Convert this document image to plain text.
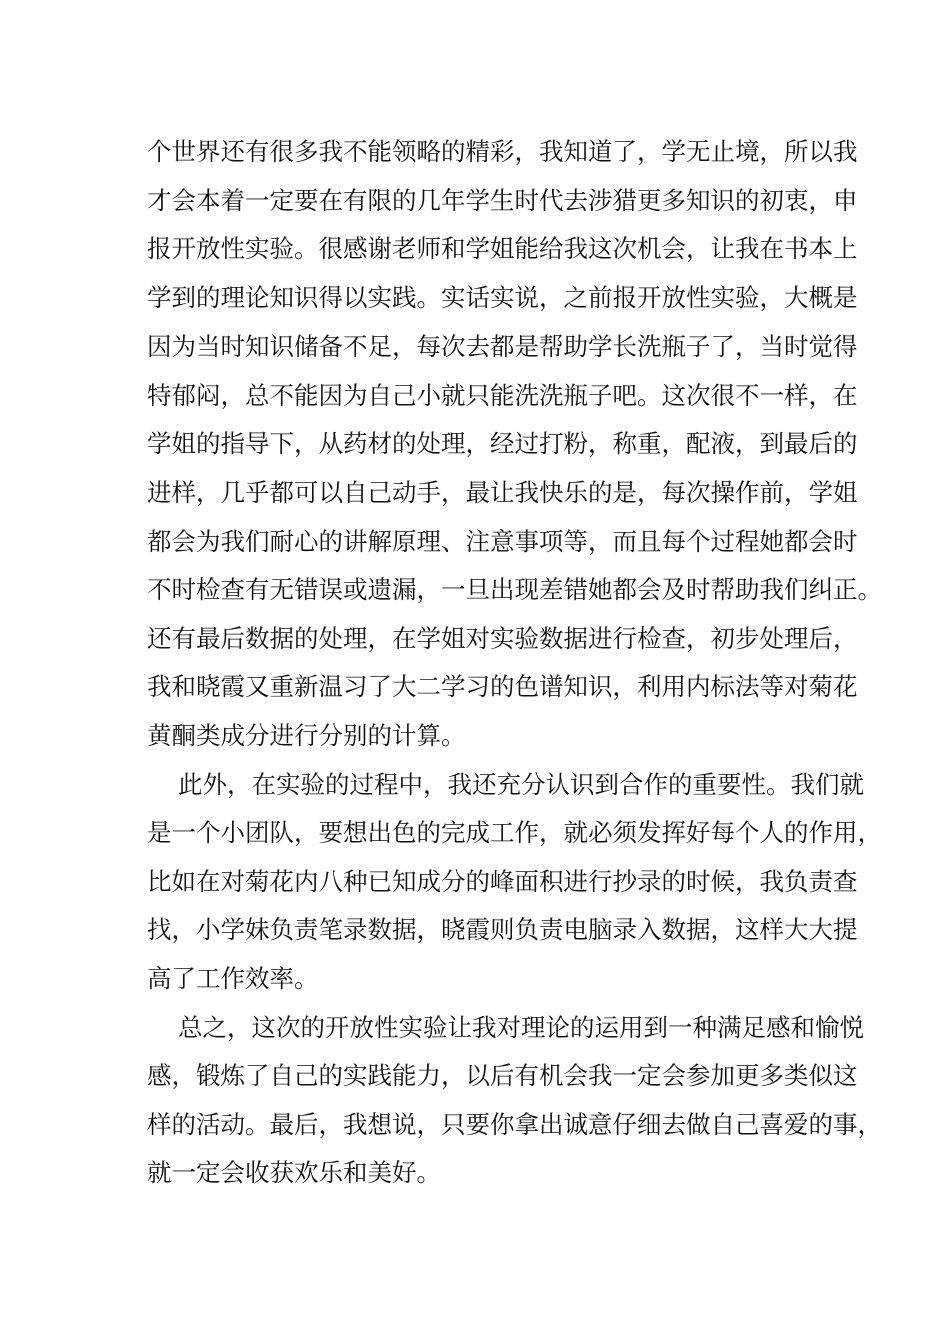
个世界还有很多我不能领略的精彩，我知道了，学无止境，所以我

才会本着一定要在有限的几年学生时代去涉猎更多知识的初衷，申

报开放性实验。很感谢老师和学姐能给我这次机会，让我在书本上

学到的理论知识得以实践。实话实说，之前报开放性实验，大概是

因为当时知识储备不足，每次去都是帮助学长洗瓶子了，当时觉得

特郁闷，总不能因为自己小就只能洗洗瓶子吧。这次很不一样，在

学姐的指导下，从药材的处理，经过打粉，称重，配液，到最后的

进样，几乎都可以自己动手，最让我快乐的是，每次操作前，学姐

都会为我们耐心的讲解原理、注意事项等，而且每个过程她都会时

不时检查有无错误或遗漏，一旦出现差错她都会及时帮助我们纠正。

还有最后数据的处理，在学姐对实验数据进行检查，初步处理后，

我和晓霞又重新温习了大二学习的色谱知识，利用内标法等对菊花

黄酮类成分进行分别的计算。

此外，在实验的过程中，我还充分认识到合作的重要性。我们就

是一个小团队，要想出色的完成工作，就必须发挥好每个人的作用，

比如在对菊花内八种已知成分的峰面积进行抄录的时候，我负责查

找，小学妹负责笔录数据，晓霞则负责电脑录入数据，这样大大提

高了工作效率。

总之，这次的开放性实验让我对理论的运用到一种满足感和愉悦

感，锻炼了自己的实践能力，以后有机会我一定会参加更多类似这

样的活动。最后，我想说，只要你拿出诚意仔细去做自己喜爱的事，

就一定会收获欢乐和美好。
